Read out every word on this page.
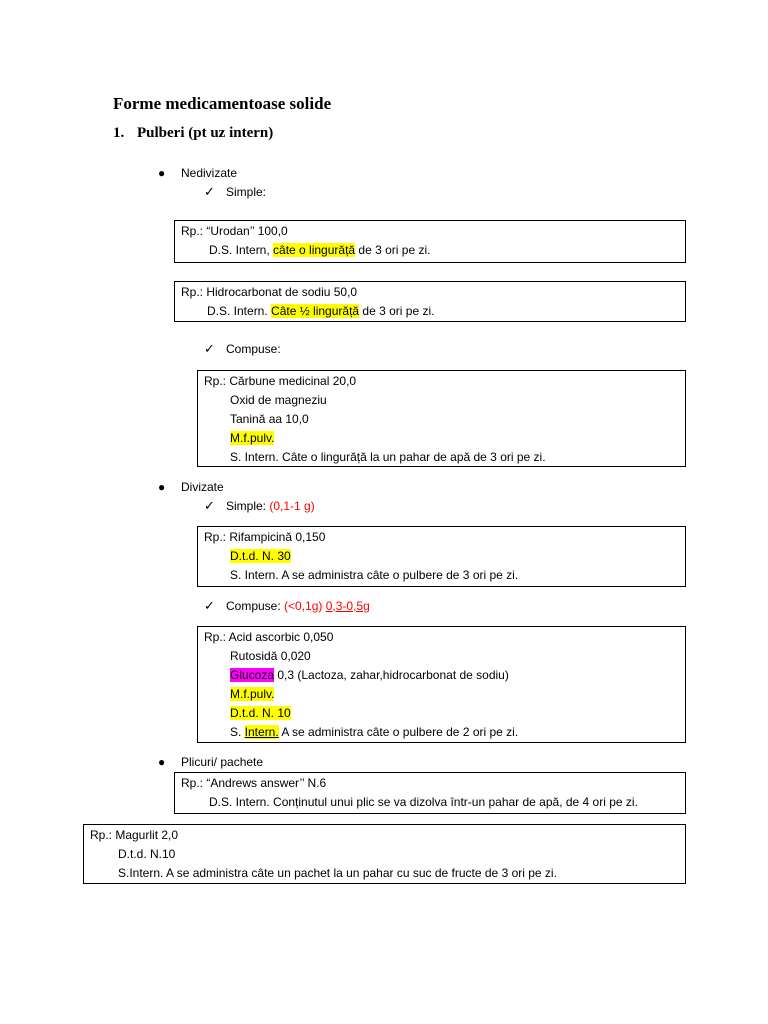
Forme medicamentoase solide
1. Pulberi (pt uz intern)
● Nedivizate
✓ Simple:
Rp.: “Urodan’’ 100,0
D.S. Intern, câte o lingurăță de 3 ori pe zi.
Rp.: Hidrocarbonat de sodiu 50,0
D.S. Intern. Câte ½ lingurăță de 3 ori pe zi.
✓ Compuse:
Rp.: Cărbune medicinal 20,0
Oxid de magneziu
Tanină aa 10,0
M.f.pulv.
S. Intern. Câte o lingurăță la un pahar de apă de 3 ori pe zi.
● Divizate
✓ Simple: (0,1-1 g)
Rp.: Rifampicină 0,150
D.t.d. N. 30
S. Intern. A se administra câte o pulbere de 3 ori pe zi.
✓ Compuse: (<0,1g) 0,3-0,5g
Rp.: Acid ascorbic 0,050
Rutosidă 0,020
Glucoza 0,3 (Lactoza, zahar,hidrocarbonat de sodiu)
M.f.pulv.
D.t.d. N. 10
S. Intern. A se administra câte o pulbere de 2 ori pe zi.
● Plicuri/ pachete
Rp.: “Andrews answer’’ N.6
D.S. Intern. Conținutul unui plic se va dizolva într-un pahar de apă, de 4 ori pe zi.
Rp.: Magurlit 2,0
D.t.d. N.10
S.Intern. A se administra câte un pachet la un pahar cu suc de fructe de 3 ori pe zi.
